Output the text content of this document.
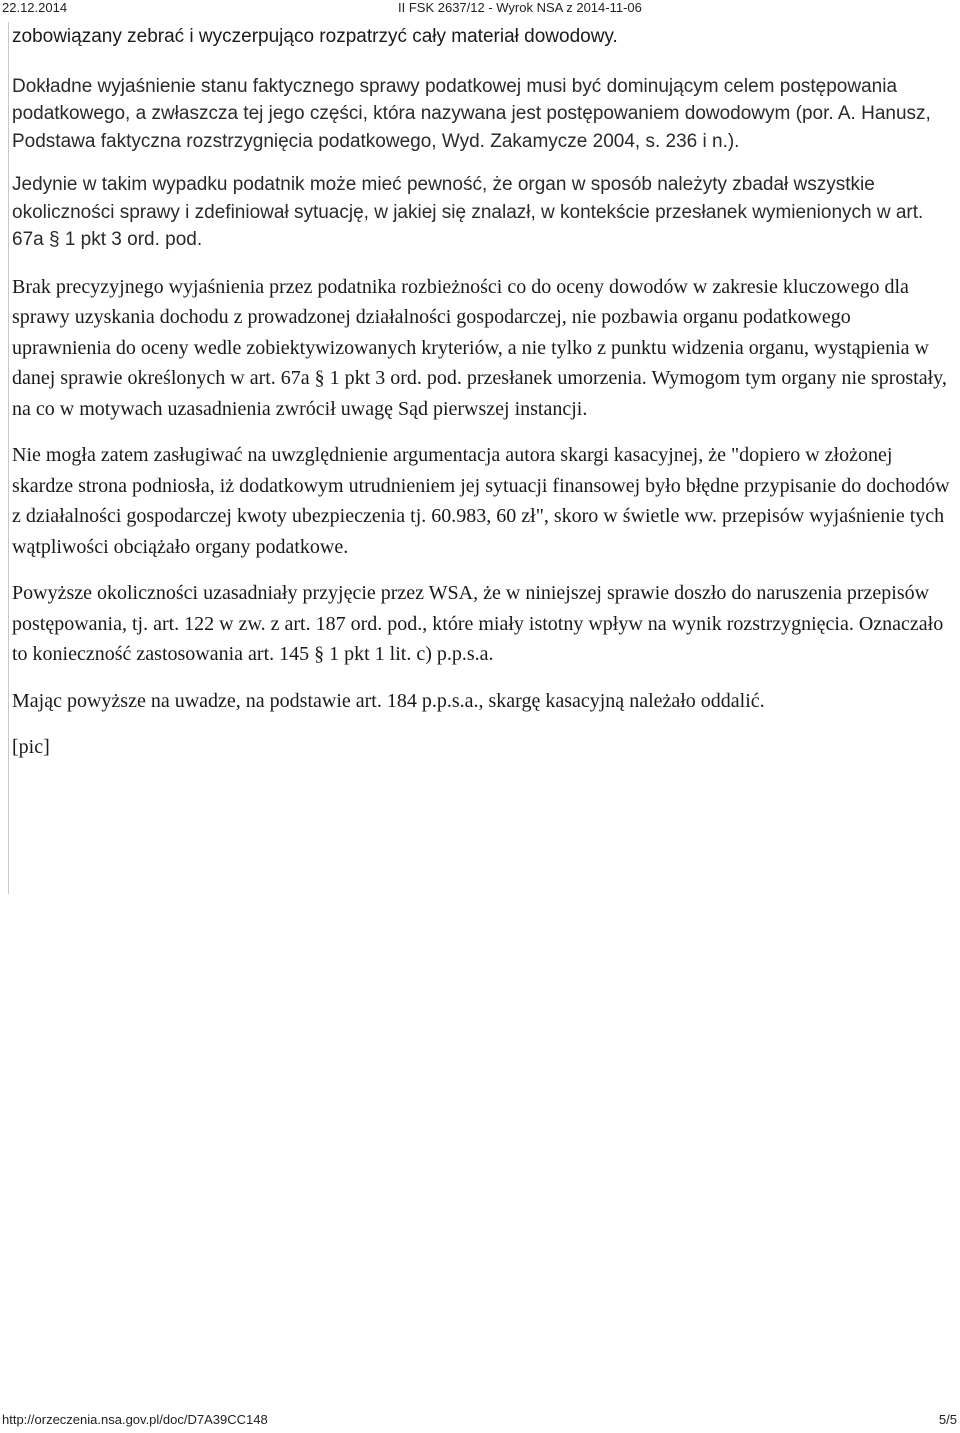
22.12.2014	II FSK 2637/12 - Wyrok NSA z 2014-11-06

zobowiązany zebrać i wyczerpująco rozpatrzyć cały materiał dowodowy.

Dokładne wyjaśnienie stanu faktycznego sprawy podatkowej musi być dominującym celem postępowania podatkowego, a zwłaszcza tej jego części, która nazywana jest postępowaniem dowodowym (por. A. Hanusz, Podstawa faktyczna rozstrzygnięcia podatkowego, Wyd. Zakamycze 2004, s. 236 i n.).

Jedynie w takim wypadku podatnik może mieć pewność, że organ w sposób należyty zbadał wszystkie okoliczności sprawy i zdefiniował sytuację, w jakiej się znalazł, w kontekście przesłanek wymienionych w art. 67a § 1 pkt 3 ord. pod.

Brak precyzyjnego wyjaśnienia przez podatnika rozbieżności co do oceny dowodów w zakresie kluczowego dla sprawy uzyskania dochodu z prowadzonej działalności gospodarczej, nie pozbawia organu podatkowego uprawnienia do oceny wedle zobiektywizowanych kryteriów, a nie tylko z punktu widzenia organu, wystąpienia w danej sprawie określonych w art. 67a § 1 pkt 3 ord. pod. przesłanek umorzenia. Wymogom tym organy nie sprostały, na co w motywach uzasadnienia zwrócił uwagę Sąd pierwszej instancji.

Nie mogła zatem zasługiwać na uwzględnienie argumentacja autora skargi kasacyjnej, że "dopiero w złożonej skardze strona podniosła, iż dodatkowym utrudnieniem jej sytuacji finansowej było błędne przypisanie do dochodów z działalności gospodarczej kwoty ubezpieczenia tj. 60.983, 60 zł", skoro w świetle ww. przepisów wyjaśnienie tych wątpliwości obciążało organy podatkowe.

Powyższe okoliczności uzasadniały przyjęcie przez WSA, że w niniejszej sprawie doszło do naruszenia przepisów postępowania, tj. art. 122 w zw. z art. 187 ord. pod., które miały istotny wpływ na wynik rozstrzygnięcia. Oznaczało to konieczność zastosowania art. 145 § 1 pkt 1 lit. c) p.p.s.a.

Mając powyższe na uwadze, na podstawie art. 184 p.p.s.a., skargę kasacyjną należało oddalić.

[pic]

http://orzeczenia.nsa.gov.pl/doc/D7A39CC148	5/5
